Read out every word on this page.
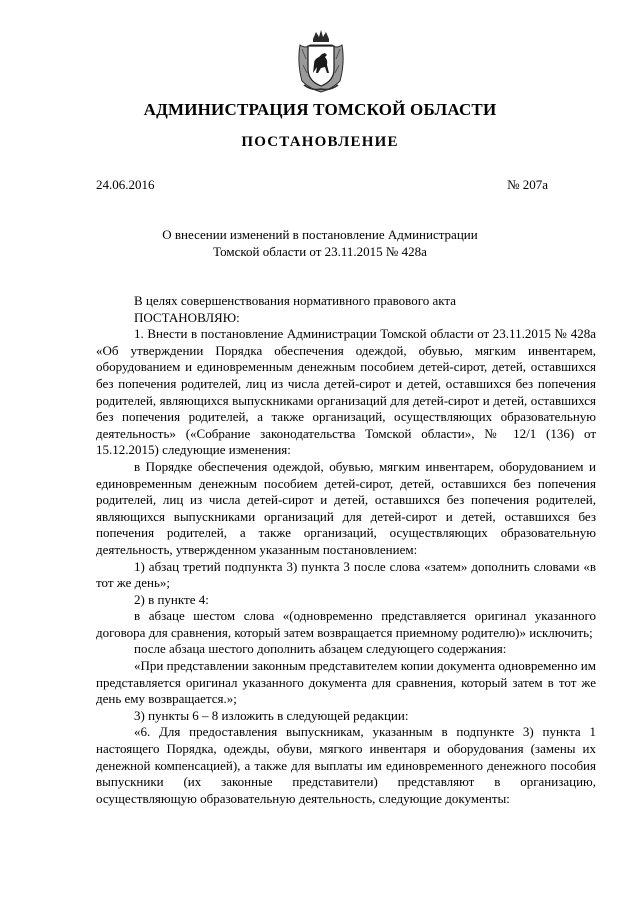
АДМИНИСТРАЦИЯ ТОМСКОЙ ОБЛАСТИ
ПОСТАНОВЛЕНИЕ
24.06.2016	№ 207а
О внесении изменений в постановление Администрации
Томской области от 23.11.2015 № 428а

В целях совершенствования нормативного правового акта

ПОСТАНОВЛЯЮ:

1. Внести в постановление Администрации Томской области от 23.11.2015 № 428а «Об утверждении Порядка обеспечения одеждой, обувью, мягким инвентарем, оборудованием и единовременным денежным пособием детей-сирот, детей, оставшихся без попечения родителей, лиц из числа детей-сирот и детей, оставшихся без попечения родителей, являющихся выпускниками организаций для детей-сирот и детей, оставшихся без попечения родителей, а также организаций, осуществляющих образовательную деятельность» («Собрание законодательства Томской области», № 12/1 (136) от 15.12.2015) следующие изменения:

в Порядке обеспечения одеждой, обувью, мягким инвентарем, оборудованием и единовременным денежным пособием детей-сирот, детей, оставшихся без попечения родителей, лиц из числа детей-сирот и детей, оставшихся без попечения родителей, являющихся выпускниками организаций для детей-сирот и детей, оставшихся без попечения родителей, а также организаций, осуществляющих образовательную деятельность, утвержденном указанным постановлением:

1) абзац третий подпункта 3) пункта 3 после слова «затем» дополнить словами «в тот же день»;

2) в пункте 4:

в абзаце шестом слова «(одновременно представляется оригинал указанного договора для сравнения, который затем возвращается приемному родителю)» исключить;

после абзаца шестого дополнить абзацем следующего содержания:

«При представлении законным представителем копии документа одновременно им представляется оригинал указанного документа для сравнения, который затем в тот же день ему возвращается.»;

3) пункты 6 – 8 изложить в следующей редакции:

«6. Для предоставления выпускникам, указанным в подпункте 3) пункта 1 настоящего Порядка, одежды, обуви, мягкого инвентаря и оборудования (замены их денежной компенсацией), а также для выплаты им единовременного денежного пособия выпускники (их законные представители) представляют в организацию, осуществляющую образовательную деятельность, следующие документы:
